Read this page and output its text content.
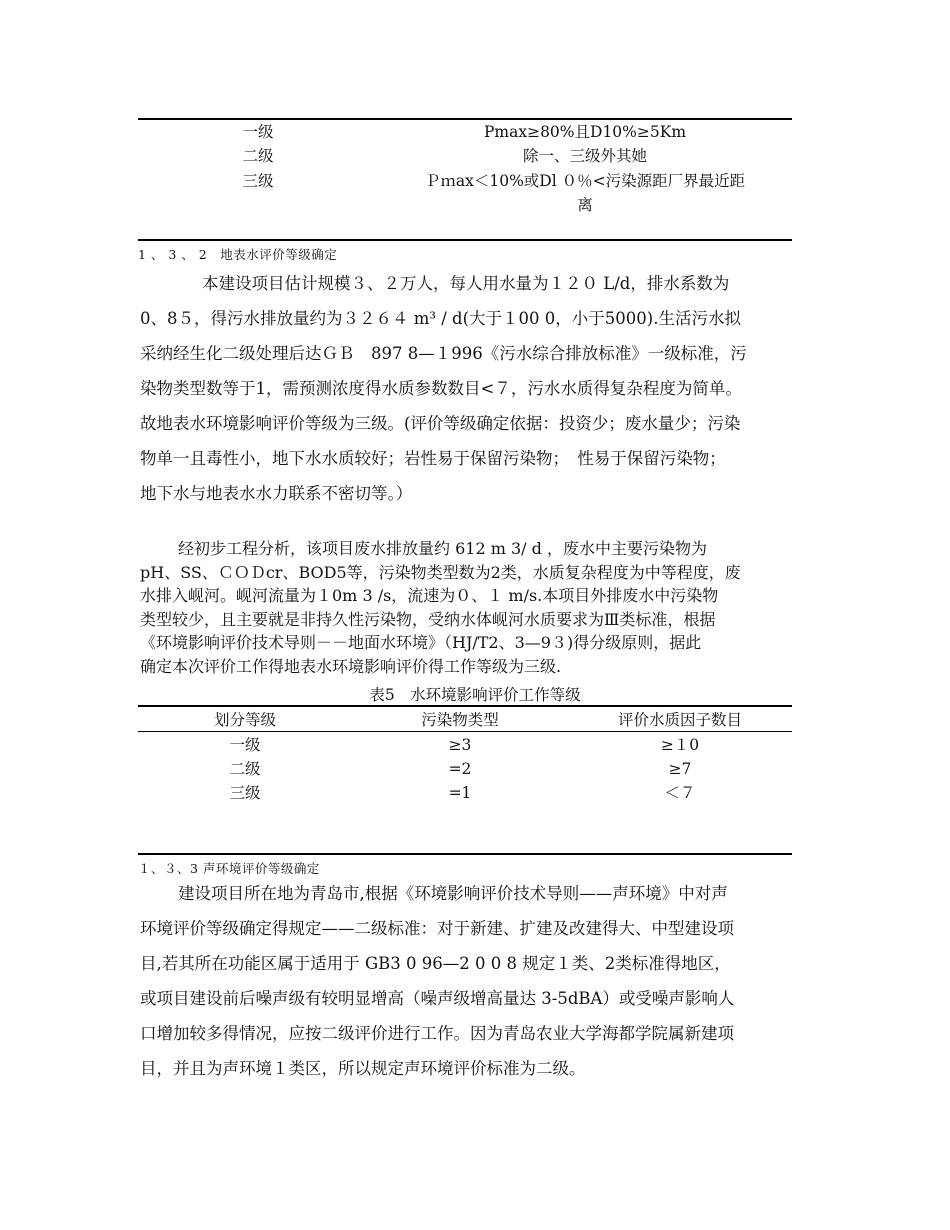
一级	Pmax≥80%且D10%≥5Km
二级	除一、三级外其她
三级	Ｐｍax＜10%或Dl ０％<污染源距厂界最近距
离
1 、 3 、 2　地表水评价等级确定
本建设项目估计规模３、２万人，每人用水量为１２０ L/d，排水系数为
0、8５，得污水排放量约为３２６４ m³ / d(大于１00 0，小于5000).生活污水拟
采纳经生化二级处理后达ＧＢ　897 8—１996《污水综合排放标准》一级标准，污
染物类型数等于1，需预测浓度得水质参数数目<７，污水水质得复杂程度为简单。
故地表水环境影响评价等级为三级。(评价等级确定依据：投资少；废水量少；污染
物单一且毒性小，地下水水质较好；岩性易于保留污染物；　性易于保留污染物；
地下水与地表水水力联系不密切等。）
经初步工程分析，该项目废水排放量约 612 m 3/ d ，废水中主要污染物为
pH、SS、ＣＯＤcr、BOD5等，污染物类型数为2类，水质复杂程度为中等程度，废
水排入岘河。岘河流量为１0m 3 /s，流速为０、１ m/s.本项目外排废水中污染物
类型较少，且主要就是非持久性污染物，受纳水体岘河水质要求为Ⅲ类标准，根据
《环境影响评价技术导则－－地面水环境》（HJ/T2、3—9３)得分级原则，据此
确定本次评价工作得地表水环境影响评价得工作等级为三级.
表5　水环境影响评价工作等级
划分等级	污染物类型	评价水质因子数目
一级	≥3	≥１0
二级	=2	≥7
三级	=1	＜７
１、３、3 声环境评价等级确定
建设项目所在地为青岛市,根据《环境影响评价技术导则——声环境》中对声
环境评价等级确定得规定——二级标准：对于新建、扩建及改建得大、中型建设项
目,若其所在功能区属于适用于 GB3 0 96—2 0 0 8 规定１类、2类标准得地区，
或项目建设前后噪声级有较明显增高（噪声级增高量达 3-5dBA）或受噪声影响人
口增加较多得情况，应按二级评价进行工作。因为青岛农业大学海都学院属新建项
目，并且为声环境１类区，所以规定声环境评价标准为二级。
